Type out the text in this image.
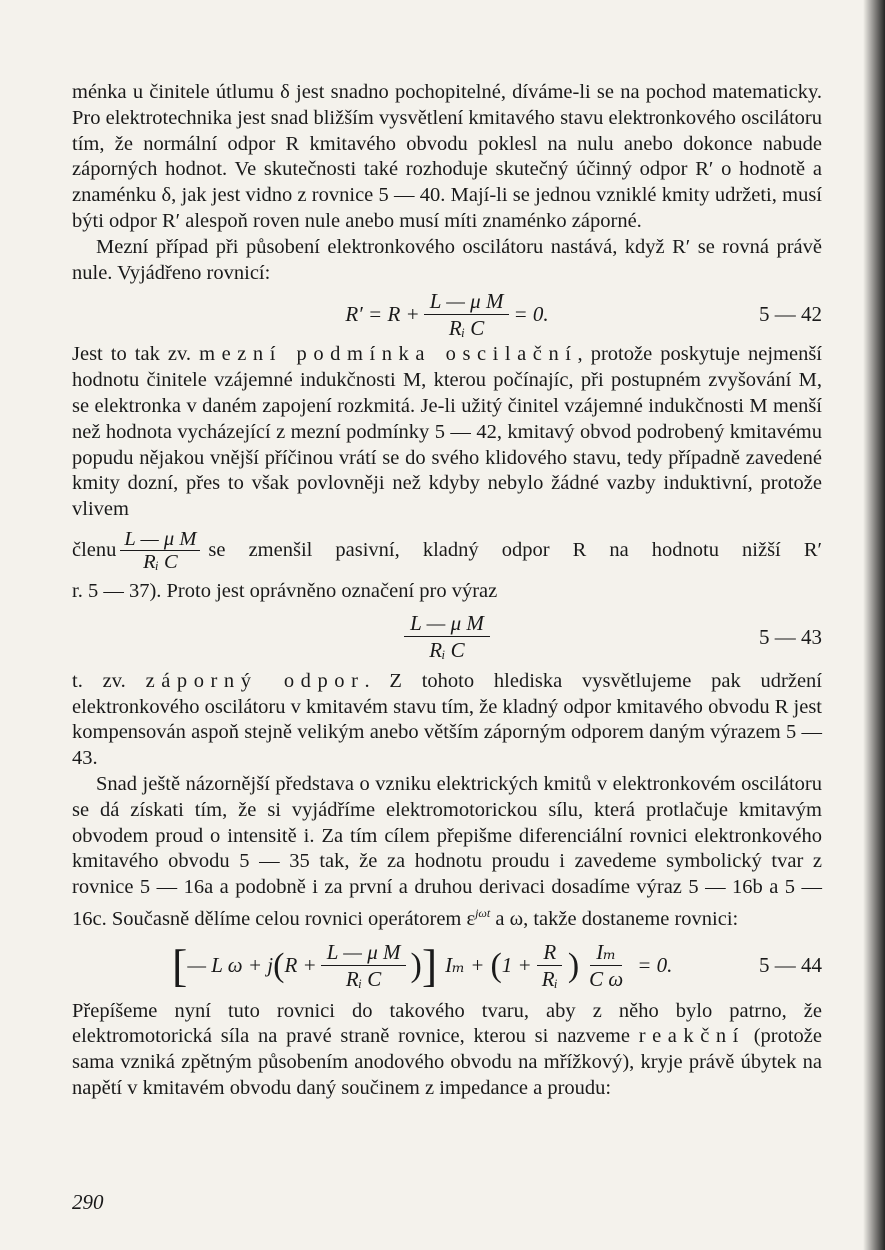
ménka u činitele útlumu δ jest snadno pochopitelné, díváme-li se na pochod matematicky. Pro elektrotechnika jest snad bližším vysvětlení kmitavého stavu elektronkového oscilátoru tím, že normální odpor R kmitavého obvodu poklesl na nulu anebo dokonce nabude záporných hodnot. Ve skutečnosti také rozhoduje skutečný účinný odpor R′ o hodnotě a znaménku δ, jak jest vidno z rovnice 5 — 40. Mají-li se jednou vzniklé kmity udržeti, musí býti odpor R′ alespoň roven nule anebo musí míti znaménko záporné.

Mezní případ při působení elektronkového oscilátoru nastává, když R′ se rovná právě nule. Vyjádřeno rovnicí:

$R' = R + \frac{\text{L — μ M}}{\text{Rᵢ C}} = 0$.	5 — 42

Jest to tak zv. mezní podmínka oscilační, protože poskytuje nejmenší hodnotu činitele vzájemné indukčnosti M, kterou počínajíc, při postupném zvyšování M, se elektronka v daném zapojení rozkmitá. Je-li užitý činitel vzájemné indukčnosti M menší než hodnota vycházející z mezní podmínky 5 — 42, kmitavý obvod podrobený kmitavému popudu nějakou vnější příčinou vrátí se do svého klidového stavu, tedy případně zavedené kmity dozní, přes to však povlovněji než kdyby nebylo žádné vazby induktivní, protože vlivem

členu $\frac{\text{L — μ M}}{\text{Rᵢ C}}$ se zmenšil pasivní, kladný odpor R na hodnotu nižší R′

r. 5 — 37). Proto jest oprávněno označení pro výraz

$\frac{\text{L — μ M}}{\text{Rᵢ C}}$	5 — 43

t. zv. záporný odpor. Z tohoto hlediska vysvětlujeme pak udržení elektronkového oscilátoru v kmitavém stavu tím, že kladný odpor kmitavého obvodu R jest kompensován aspoň stejně velikým anebo větším záporným odporem daným výrazem 5 — 43.

Snad ještě názornější představa o vzniku elektrických kmitů v elektronkovém oscilátoru se dá získati tím, že si vyjádříme elektromotorickou sílu, která protlačuje kmitavým obvodem proud o intensitě i. Za tím cílem přepišme diferenciální rovnici elektronkového kmitavého obvodu 5 — 35 tak, že za hodnotu proudu i zavedeme symbolický tvar z rovnice 5 — 16a a podobně i za první a druhou derivaci dosadíme výraz 5 — 16b a 5 — 16c. Současně dělíme celou rovnici operátorem $\varepsilon^{j\omega t}$ a ω, takže dostaneme rovnici:

[ — L ω + j ( $R + \frac{\text{L — μ M}}{\text{Rᵢ C}}$ ) ] Iₘ + ( $1 + \frac{R}{\text{Rᵢ}}$ ) $\frac{\text{Iₘ}}{\text{C ω}} = 0$.	5 — 44

Přepíšeme nyní tuto rovnici do takového tvaru, aby z něho bylo patrno, že elektromotorická síla na pravé straně rovnice, kterou si nazveme reakční (protože sama vzniká zpětným působením anodového obvodu na mřížkový), kryje právě úbytek na napětí v kmitavém obvodu daný součinem z impedance a proudu:

290
